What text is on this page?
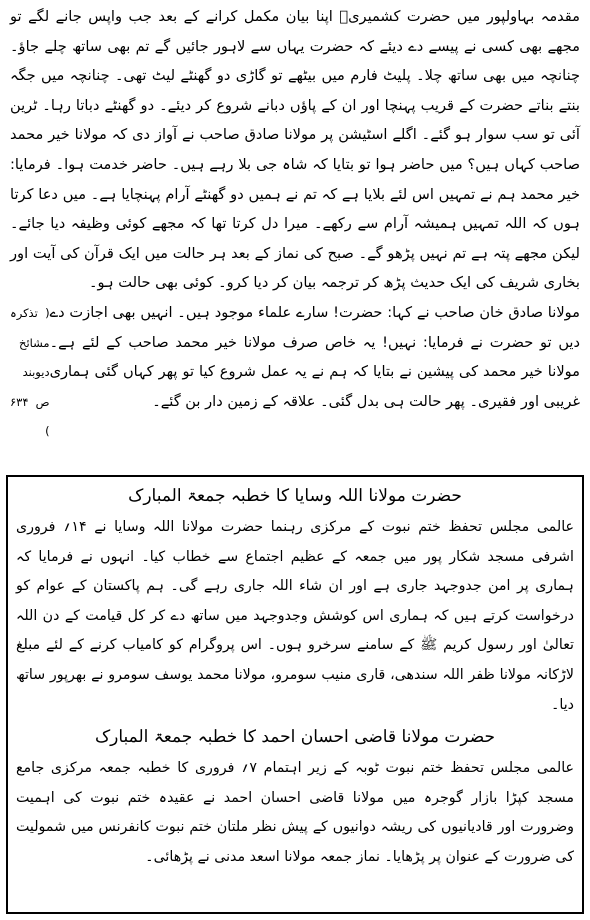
مقدمہ بہاولپور میں حضرت کشمیریؒ اپنا بیان مکمل کرانے کے بعد جب واپس جانے لگے تو مجھے بھی کسی نے پیسے دے دیئے کہ حضرت یہاں سے لاہور جائیں گے تم بھی ساتھ چلے جاؤ۔ چنانچہ میں بھی ساتھ چلا۔ پلیٹ فارم میں بیٹھے تو گاڑی دو گھنٹے لیٹ تھی۔ چنانچہ میں جگہ بنتے بناتے حضرت کے قریب پہنچا اور ان کے پاؤں دبانے شروع کر دیئے۔ دو گھنٹے دباتا رہا۔ ٹرین آئی تو سب سوار ہو گئے۔ اگلے اسٹیشن پر مولانا صادق صاحب نے آواز دی کہ مولانا خیر محمد صاحب کہاں ہیں؟ میں حاضر ہوا تو بتایا کہ شاہ جی بلا رہے ہیں۔ حاضر خدمت ہوا۔ فرمایا: خیر محمد ہم نے تمہیں اس لئے بلایا ہے کہ تم نے ہمیں دو گھنٹے آرام پہنچایا ہے۔ میں دعا کرتا ہوں کہ اللہ تمہیں ہمیشہ آرام سے رکھے۔ میرا دل کرتا تھا کہ مجھے کوئی وظیفہ دیا جائے۔ لیکن مجھے پتہ ہے تم نہیں پڑھو گے۔ صبح کی نماز کے بعد ہر حالت میں ایک قرآن کی آیت اور بخاری شریف کی ایک حدیث پڑھ کر ترجمہ بیان کر دیا کرو۔ کوئی بھی حالت ہو۔

مولانا صادق خان صاحب نے کہا: حضرت! سارے علماء موجود ہیں۔ انہیں بھی اجازت دے دیں تو حضرت نے فرمایا: نہیں! یہ خاص صرف مولانا خیر محمد صاحب کے لئے ہے۔ مولانا خیر محمد کی پیشین نے بتایا کہ ہم نے یہ عمل شروع کیا تو پھر کہاں گئی ہماری غریبی اور فقیری۔ پھر حالت ہی بدل گئی۔ علاقہ کے زمین دار بن گئے۔
( تذکرہ مشائخ دیوبند ص ۶۳۴ )

حضرت مولانا اللہ وسایا کا خطبہ جمعۃ المبارک

عالمی مجلس تحفظ ختم نبوت کے مرکزی رہنما حضرت مولانا اللہ وسایا نے ۱۴؍ فروری اشرفی مسجد شکار پور میں جمعہ کے عظیم اجتماع سے خطاب کیا۔ انہوں نے فرمایا کہ ہماری پر امن جدوجہد جاری ہے اور ان شاء اللہ جاری رہے گی۔ ہم پاکستان کے عوام کو درخواست کرتے ہیں کہ ہماری اس کوشش وجدوجہد میں ساتھ دے کر کل قیامت کے دن اللہ تعالیٰ اور رسول کریم ﷺ کے سامنے سرخرو ہوں۔ اس پروگرام کو کامیاب کرنے کے لئے مبلغ لاڑکانہ مولانا ظفر اللہ سندھی، قاری منیب سومرو، مولانا محمد یوسف سومرو نے بھرپور ساتھ دیا۔

حضرت مولانا قاضی احسان احمد کا خطبہ جمعۃ المبارک

عالمی مجلس تحفظ ختم نبوت ٹوبہ کے زیر اہتمام ۷؍ فروری کا خطبہ جمعہ مرکزی جامع مسجد کپڑا بازار گوجرہ میں مولانا قاضی احسان احمد نے عقیدہ ختم نبوت کی اہمیت وضرورت اور قادیانیوں کی ریشہ دوانیوں کے پیش نظر ملتان ختم نبوت کانفرنس میں شمولیت کی ضرورت کے عنوان پر پڑھایا۔ نماز جمعہ مولانا اسعد مدنی نے پڑھائی۔
